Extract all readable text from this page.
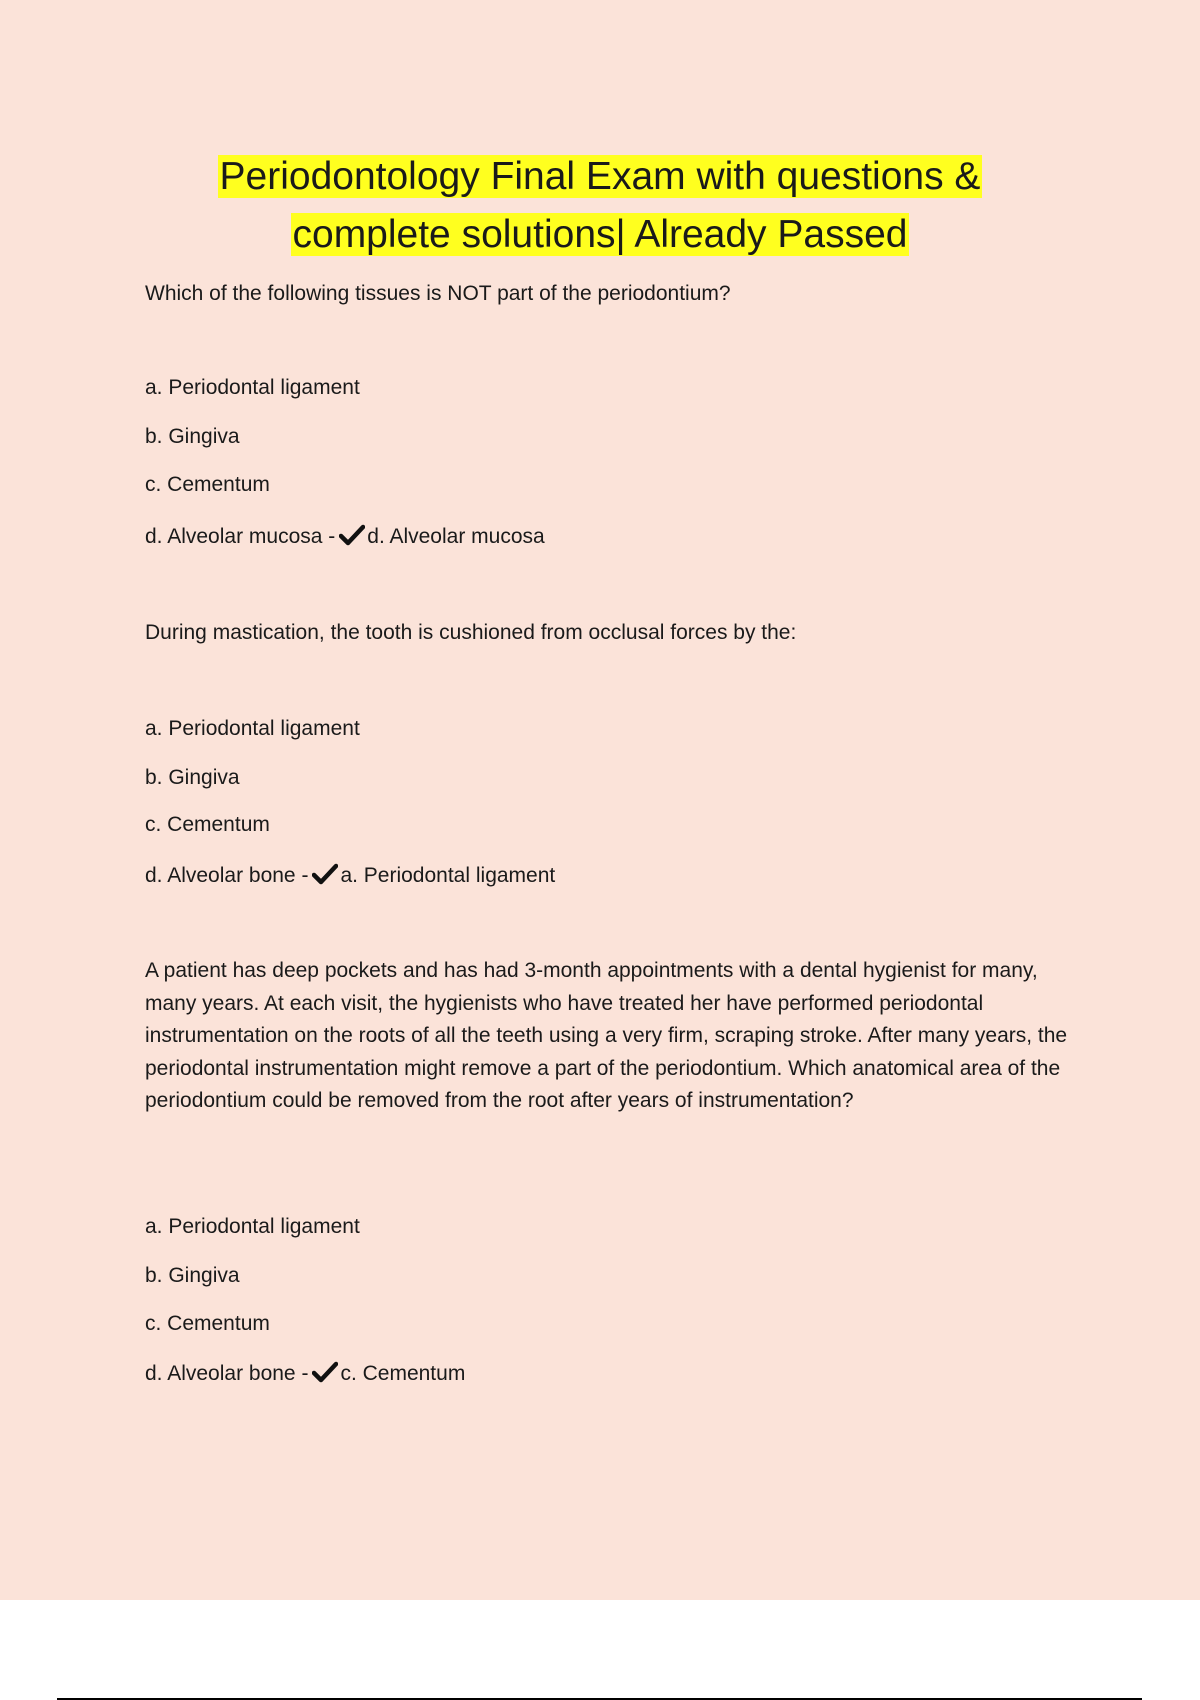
Periodontology Final Exam with questions &
complete solutions| Already Passed
Which of the following tissues is NOT part of the periodontium?
a. Periodontal ligament
b. Gingiva
c. Cementum
d. Alveolar mucosa - d. Alveolar mucosa
During mastication, the tooth is cushioned from occlusal forces by the:
a. Periodontal ligament
b. Gingiva
c. Cementum
d. Alveolar bone - a. Periodontal ligament
A patient has deep pockets and has had 3-month appointments with a dental hygienist for many, many years. At each visit, the hygienists who have treated her have performed periodontal instrumentation on the roots of all the teeth using a very firm, scraping stroke. After many years, the periodontal instrumentation might remove a part of the periodontium. Which anatomical area of the periodontium could be removed from the root after years of instrumentation?
a. Periodontal ligament
b. Gingiva
c. Cementum
d. Alveolar bone - c. Cementum
